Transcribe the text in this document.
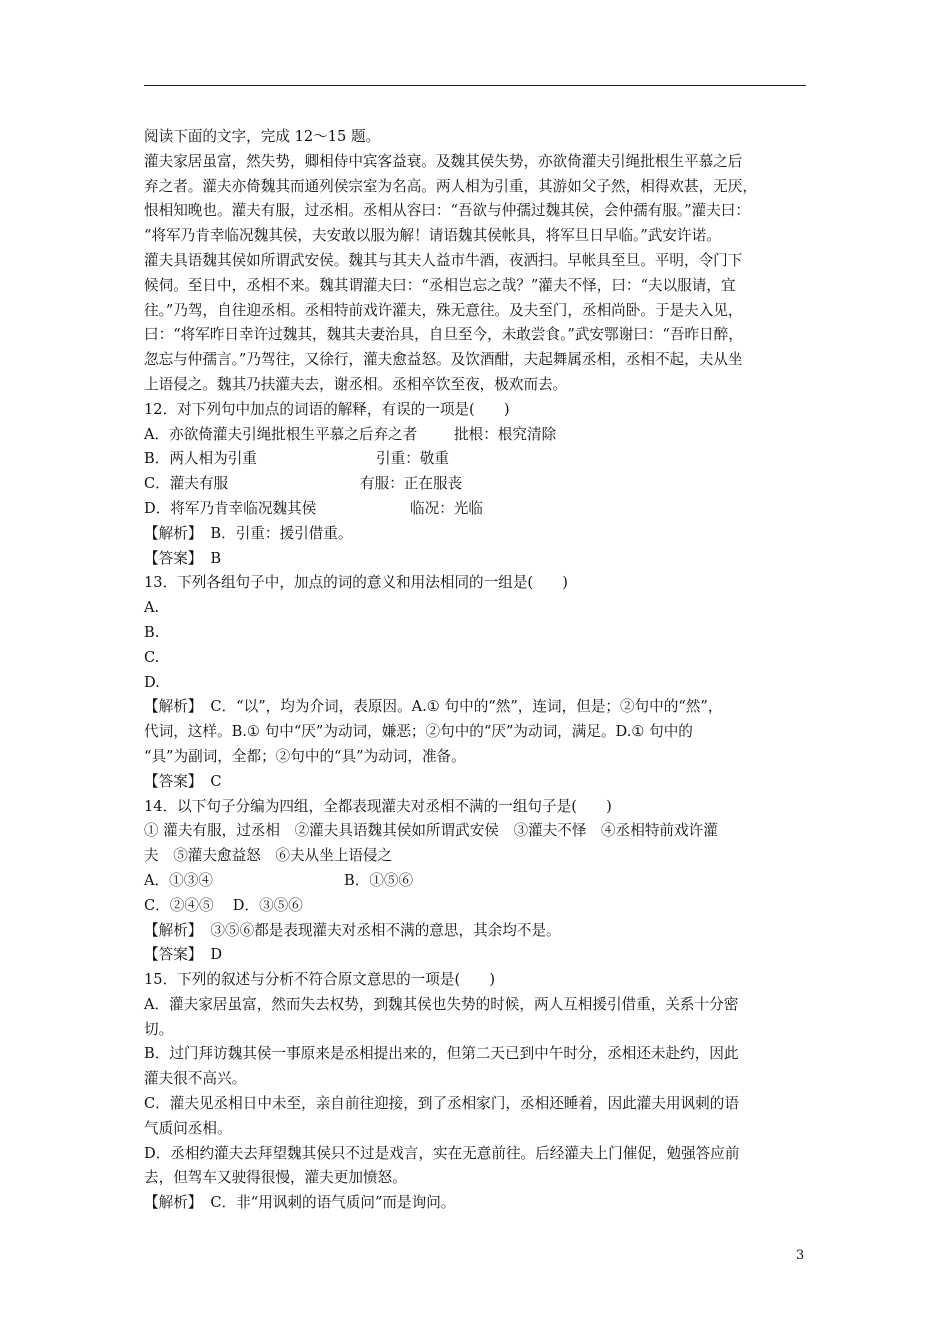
阅读下面的文字，完成 12～15 题。

灌夫家居虽富，然失势，卿相侍中宾客益衰。及魏其侯失势，亦欲倚灌夫引绳批根生平慕之后

弃之者。灌夫亦倚魏其而通列侯宗室为名高。两人相为引重，其游如父子然，相得欢甚，无厌，

恨相知晚也。灌夫有服，过丞相。丞相从容曰：“吾欲与仲孺过魏其侯，会仲孺有服。”灌夫曰：

“将军乃肯幸临况魏其侯，夫安敢以服为解！请语魏其侯帐具，将军旦日早临。”武安许诺。

灌夫具语魏其侯如所谓武安侯。魏其与其夫人益市牛酒，夜洒扫。早帐具至旦。平明，令门下

候伺。至日中，丞相不来。魏其谓灌夫曰：“丞相岂忘之哉？”灌夫不怿，曰：“夫以服请，宜

往。”乃驾，自往迎丞相。丞相特前戏许灌夫，殊无意往。及夫至门，丞相尚卧。于是夫入见，

曰：“将军昨日幸许过魏其，魏其夫妻治具，自旦至今，未敢尝食。”武安鄂谢曰：“吾昨日醉，

忽忘与仲孺言。”乃驾往，又徐行，灌夫愈益怒。及饮酒酣，夫起舞属丞相，丞相不起，夫从坐

上语侵之。魏其乃扶灌夫去，谢丞相。丞相卒饮至夜，极欢而去。

12．对下列句中加点的词语的解释，有误的一项是(　　)

A．亦欲倚灌夫引绳批根生平慕之后弃之者	批根：根究清除

B．两人相为引重	引重：敬重

C．灌夫有服	有服：正在服丧

D．将军乃肯幸临况魏其侯	临况：光临

【解析】 B．引重：援引借重。

【答案】 B

13．下列各组句子中，加点的词的意义和用法相同的一组是(　　)

A.

B.

C.

D.

【解析】 C．“以”，均为介词，表原因。A.① 句中的“然”，连词，但是；②句中的“然”，

代词，这样。B.① 句中“厌”为动词，嫌恶；②句中的“厌”为动词，满足。D.① 句中的

“具”为副词，全都；②句中的“具”为动词，准备。

【答案】 C

14．以下句子分编为四组，全都表现灌夫对丞相不满的一组句子是(　　)

① 灌夫有服，过丞相　②灌夫具语魏其侯如所谓武安侯　③灌夫不怿　④丞相特前戏许灌

夫　⑤灌夫愈益怒　⑥夫从坐上语侵之

A．①③④	B．①⑤⑥

C．②④⑤　 D．③⑤⑥

【解析】 ③⑤⑥都是表现灌夫对丞相不满的意思，其余均不是。

【答案】 D

15．下列的叙述与分析不符合原文意思的一项是(　　)

A．灌夫家居虽富，然而失去权势，到魏其侯也失势的时候，两人互相援引借重，关系十分密

切。

B．过门拜访魏其侯一事原来是丞相提出来的，但第二天已到中午时分，丞相还未赴约，因此

灌夫很不高兴。

C．灌夫见丞相日中未至，亲自前往迎接，到了丞相家门，丞相还睡着，因此灌夫用讽刺的语

气质问丞相。

D．丞相约灌夫去拜望魏其侯只不过是戏言，实在无意前往。后经灌夫上门催促，勉强答应前

去，但驾车又驶得很慢，灌夫更加愤怒。

【解析】 C．非“用讽刺的语气质问”而是询问。

3
